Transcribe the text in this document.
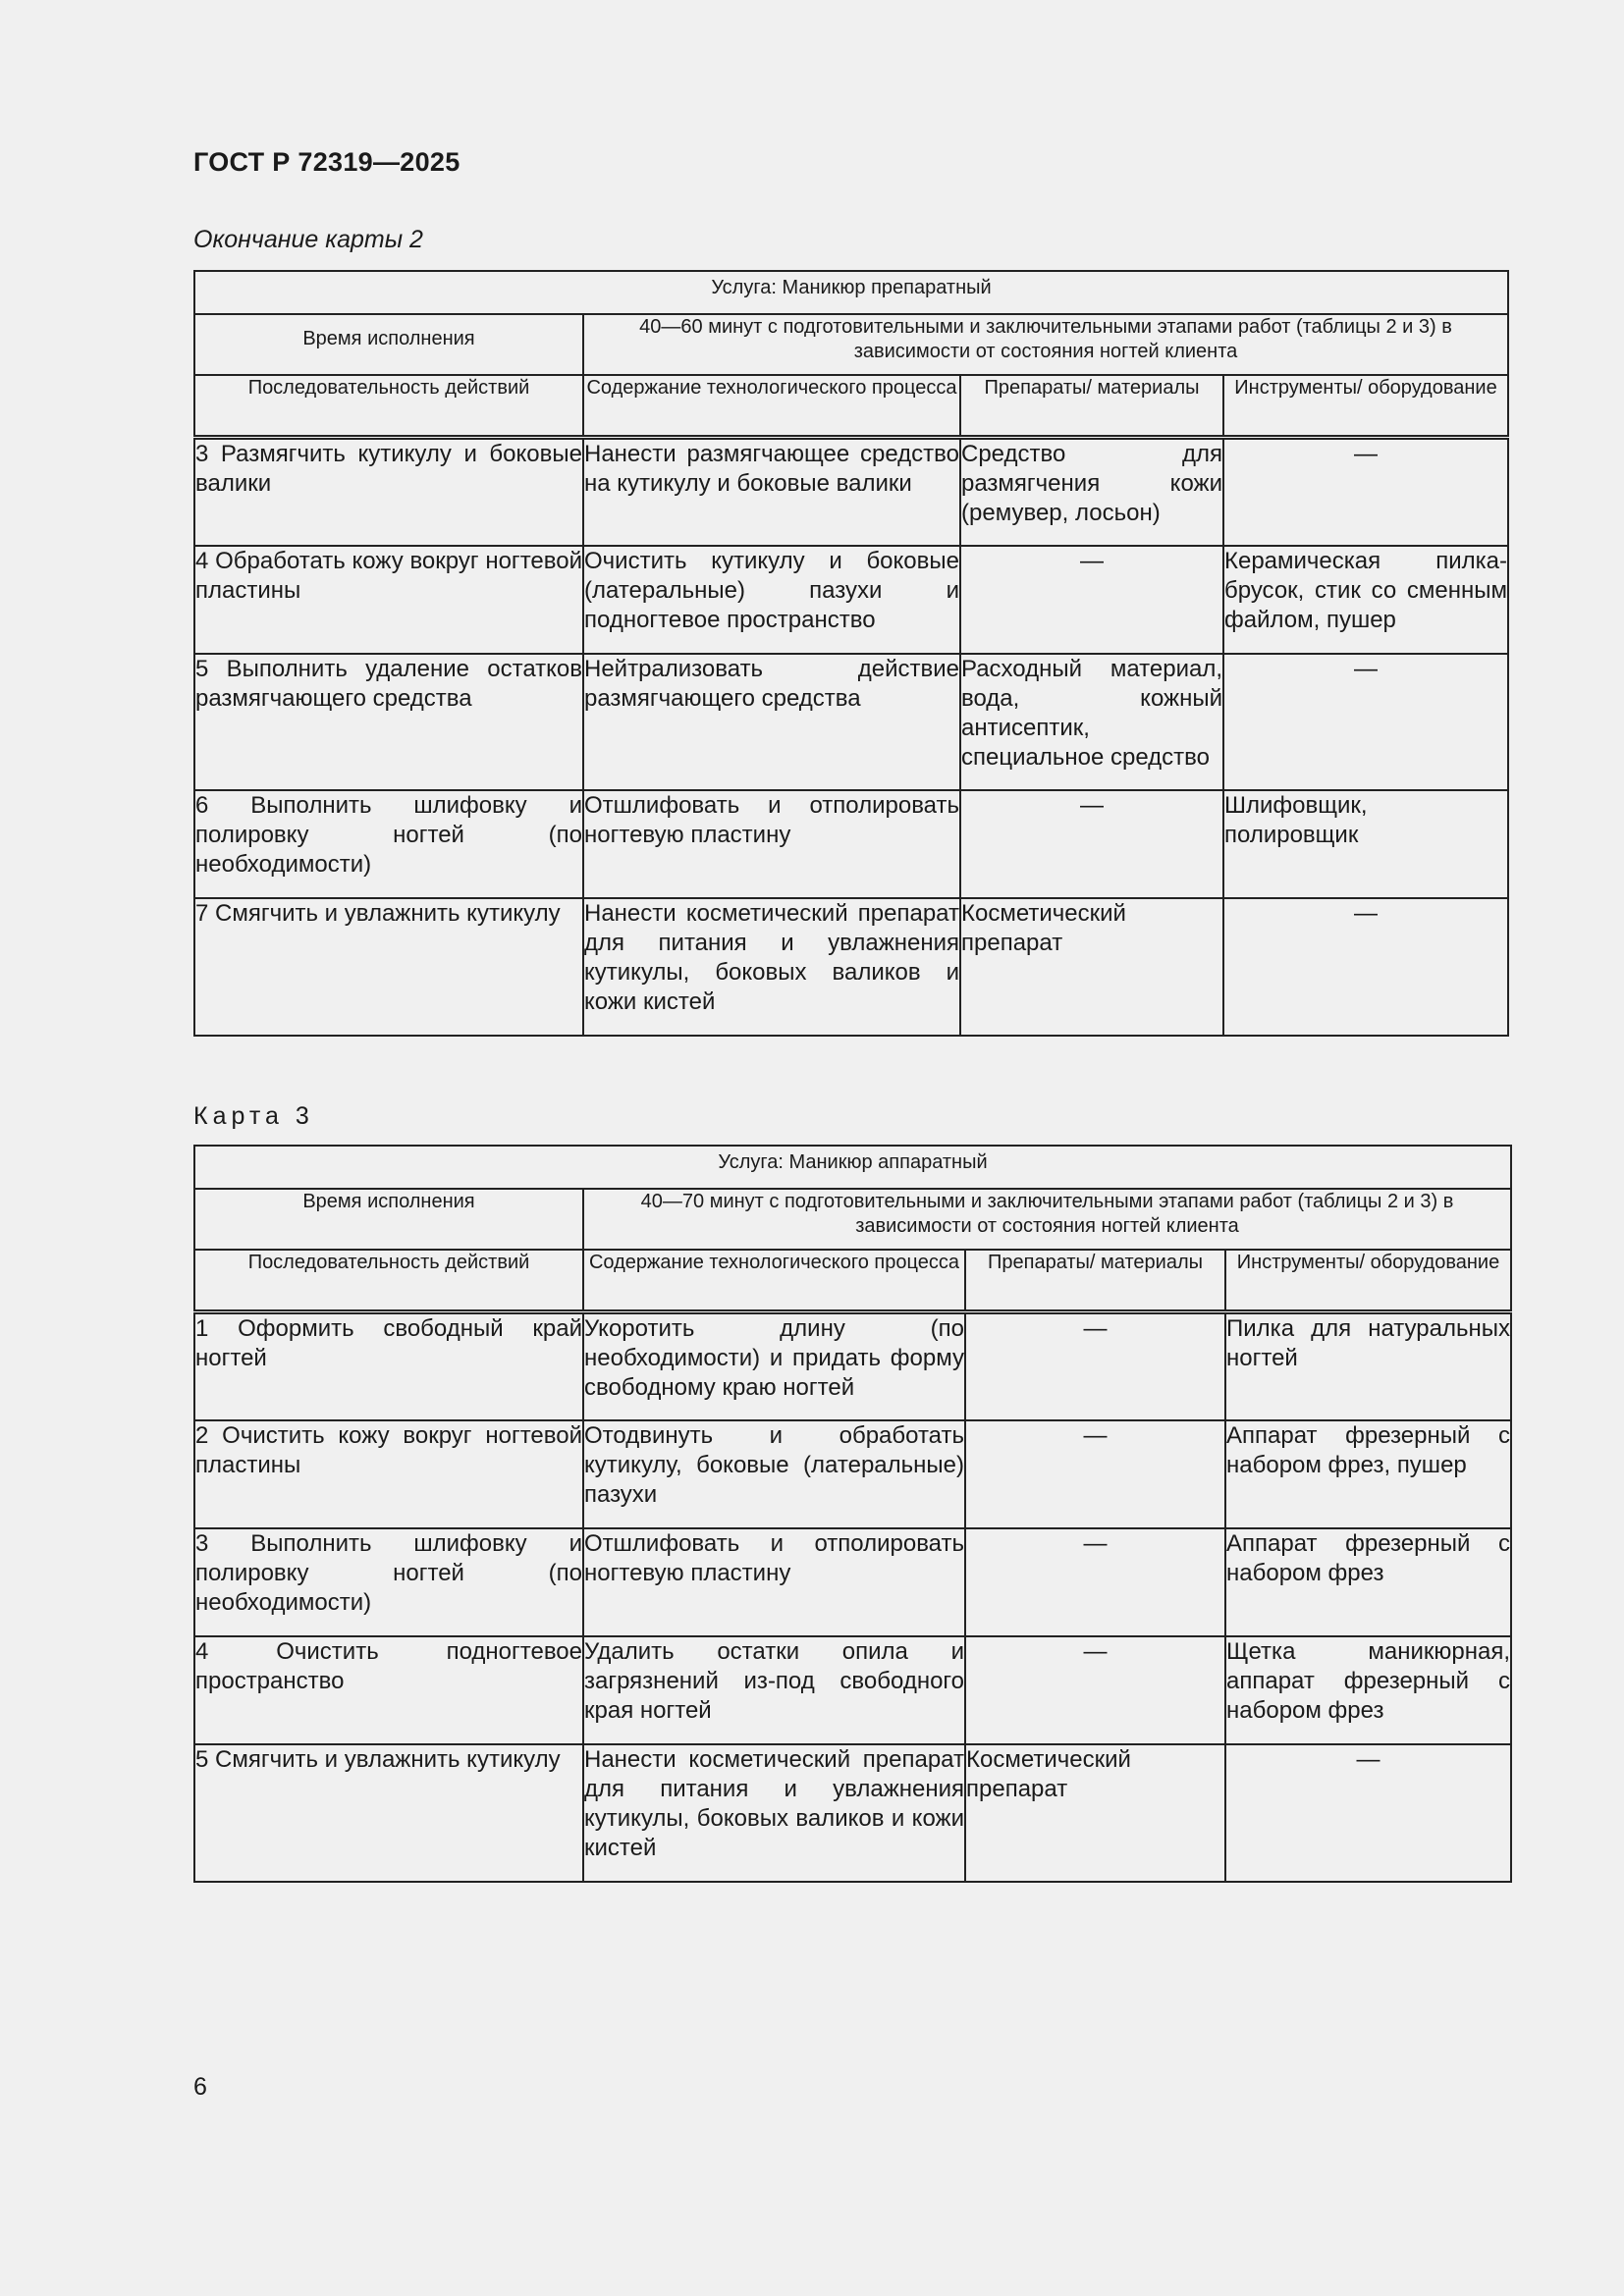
ГОСТ Р 72319—2025
Окончание карты 2
Услуга: Маникюр препаратный			
Время исполнения	40—60 минут с подготовительными и заключительными этапами работ (таблицы 2 и 3) в зависимости от состояния ногтей клиента		
Последовательность действий	Содержание технологического процесса	Препараты/ материалы	Инструменты/ оборудование
3 Размягчить кутикулу и боковые валики	Нанести размягчающее средство на кутикулу и боковые валики	Средство для размягчения кожи (ремувер, лосьон)	—
4 Обработать кожу вокруг ногтевой пластины	Очистить кутикулу и боковые (латеральные) пазухи и подногтевое пространство	—	Керамическая пилка-брусок, стик со сменным файлом, пушер
5 Выполнить удаление остатков размягчающего средства	Нейтрализовать действие размягчающего средства	Расходный материал, вода, кожный антисептик, специальное средство	—
6 Выполнить шлифовку и полировку ногтей (по необходимости)	Отшлифовать и отполировать ногтевую пластину	—	Шлифовщик, полировщик
7 Смягчить и увлажнить кутикулу	Нанести косметический препарат для питания и увлажнения кутикулы, боковых валиков и кожи кистей	Косметический препарат	—
Карта 3
Услуга: Маникюр аппаратный			
Время исполнения	40—70 минут с подготовительными и заключительными этапами работ (таблицы 2 и 3) в зависимости от состояния ногтей клиента		
Последовательность действий	Содержание технологического процесса	Препараты/ материалы	Инструменты/ оборудование
1 Оформить свободный край ногтей	Укоротить длину (по необходимости) и придать форму свободному краю ногтей	—	Пилка для натуральных ногтей
2 Очистить кожу вокруг ногтевой пластины	Отодвинуть и обработать кутикулу, боковые (латеральные) пазухи	—	Аппарат фрезерный с набором фрез, пушер
3 Выполнить шлифовку и полировку ногтей (по необходимости)	Отшлифовать и отполировать ногтевую пластину	—	Аппарат фрезерный с набором фрез
4 Очистить подногтевое пространство	Удалить остатки опила и загрязнений из-под свободного края ногтей	—	Щетка маникюрная, аппарат фрезерный с набором фрез
5 Смягчить и увлажнить кутикулу	Нанести косметический препарат для питания и увлажнения кутикулы, боковых валиков и кожи кистей	Косметический препарат	—
6
